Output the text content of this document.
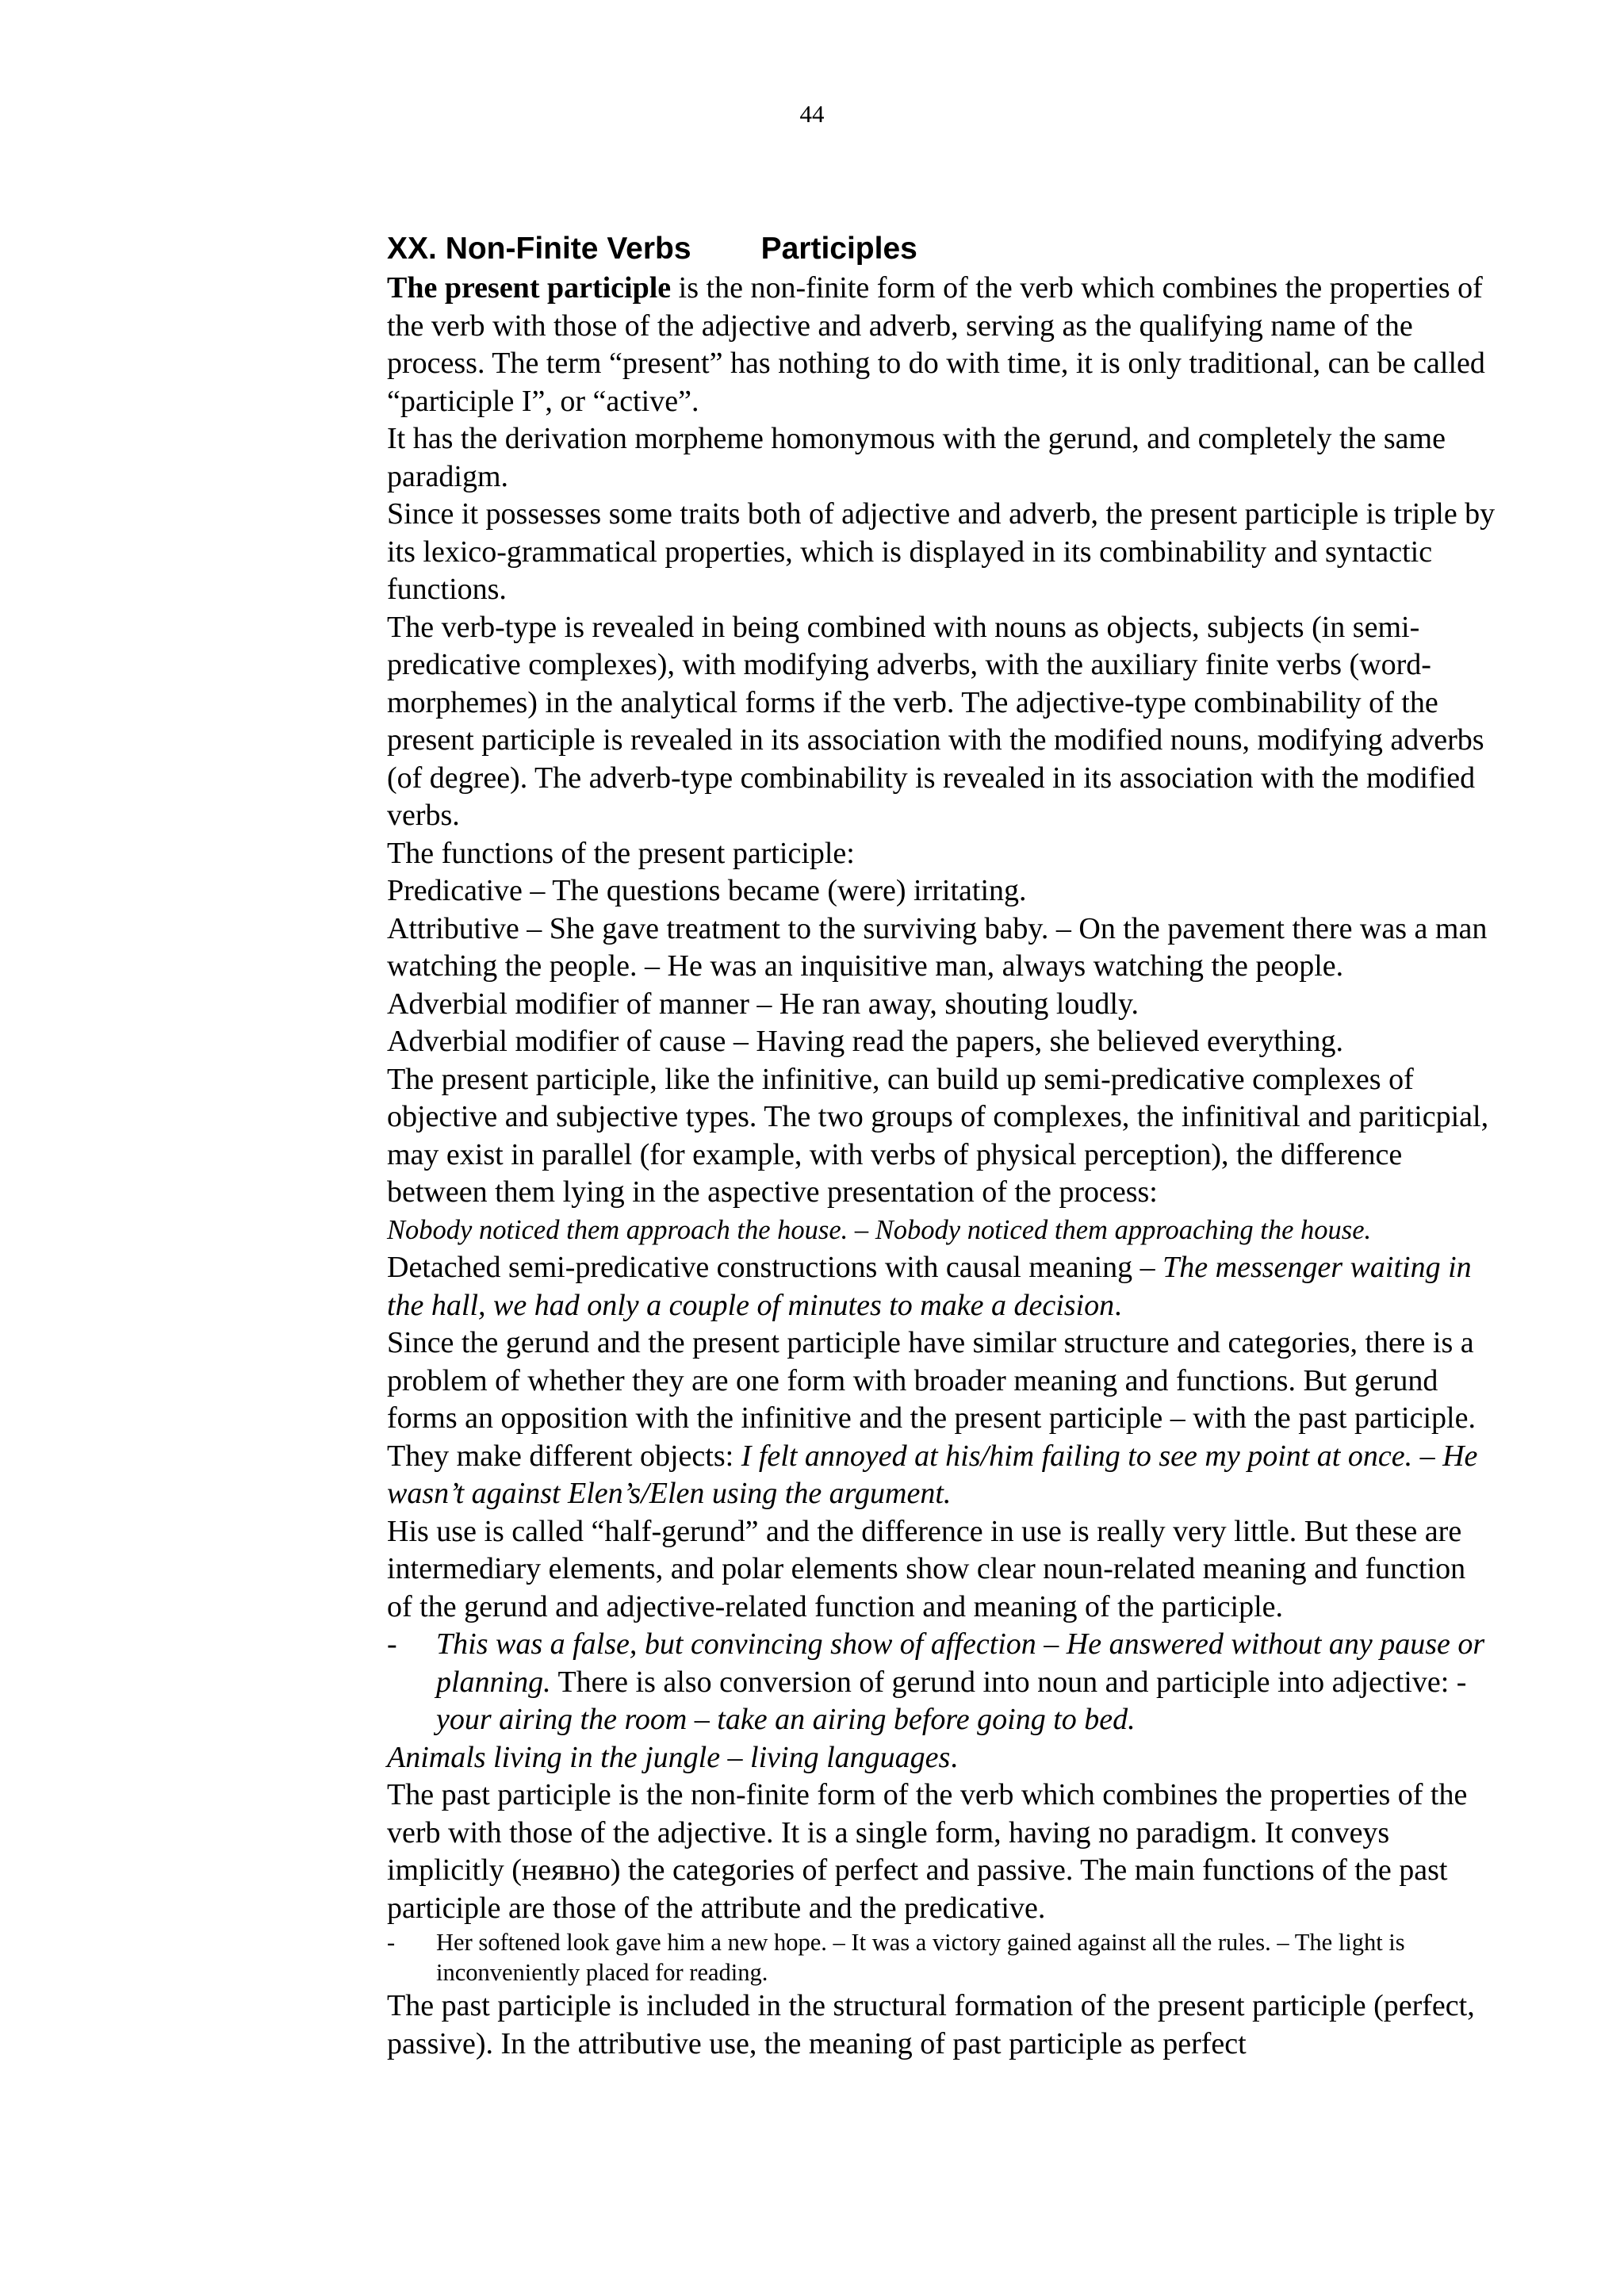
44
XX. Non-Finite Verbs Participles

The present participle is the non-finite form of the verb which combines the properties of the verb with those of the adjective and adverb, serving as the qualifying name of the process. The term “present” has nothing to do with time, it is only traditional, can be called “participle I”, or “active”.

It has the derivation morpheme homonymous with the gerund, and completely the same paradigm.

Since it possesses some traits both of adjective and adverb, the present participle is triple by its lexico-grammatical properties, which is displayed in its combinability and syntactic functions.

The verb-type is revealed in being combined with nouns as objects, subjects (in semi-predicative complexes), with modifying adverbs, with the auxiliary finite verbs (word-morphemes) in the analytical forms if the verb. The adjective-type combinability of the present participle is revealed in its association with the modified nouns, modifying adverbs (of degree). The adverb-type combinability is revealed in its association with the modified verbs.

The functions of the present participle:

Predicative – The questions became (were) irritating.

Attributive – She gave treatment to the surviving baby. – On the pavement there was a man watching the people. – He was an inquisitive man, always watching the people.

Adverbial modifier of manner – He ran away, shouting loudly.

Adverbial modifier of cause – Having read the papers, she believed everything.

The present participle, like the infinitive, can build up semi-predicative complexes of objective and subjective types. The two groups of complexes, the infinitival and pariticpial, may exist in parallel (for example, with verbs of physical perception), the difference between them lying in the aspective presentation of the process:

Nobody noticed them approach the house. – Nobody noticed them approaching the house.

Detached semi-predicative constructions with causal meaning – The messenger waiting in the hall, we had only a couple of minutes to make a decision.

Since the gerund and the present participle have similar structure and categories, there is a problem of whether they are one form with broader meaning and functions. But gerund forms an opposition with the infinitive and the present participle – with the past participle. They make different objects: I felt annoyed at his/him failing to see my point at once. – He wasn’t against Elen’s/Elen using the argument.

His use is called “half-gerund” and the difference in use is really very little. But these are intermediary elements, and polar elements show clear noun-related meaning and function of the gerund and adjective-related function and meaning of the participle.

- This was a false, but convincing show of affection – He answered without any pause or planning. There is also conversion of gerund into noun and participle into adjective: - your airing the room – take an airing before going to bed.

Animals living in the jungle – living languages.

The past participle is the non-finite form of the verb which combines the properties of the verb with those of the adjective. It is a single form, having no paradigm. It conveys implicitly (неявно) the categories of perfect and passive. The main functions of the past participle are those of the attribute and the predicative.

- Her softened look gave him a new hope. – It was a victory gained against all the rules. – The light is inconveniently placed for reading.

The past participle is included in the structural formation of the present participle (perfect, passive). In the attributive use, the meaning of past participle as perfect
